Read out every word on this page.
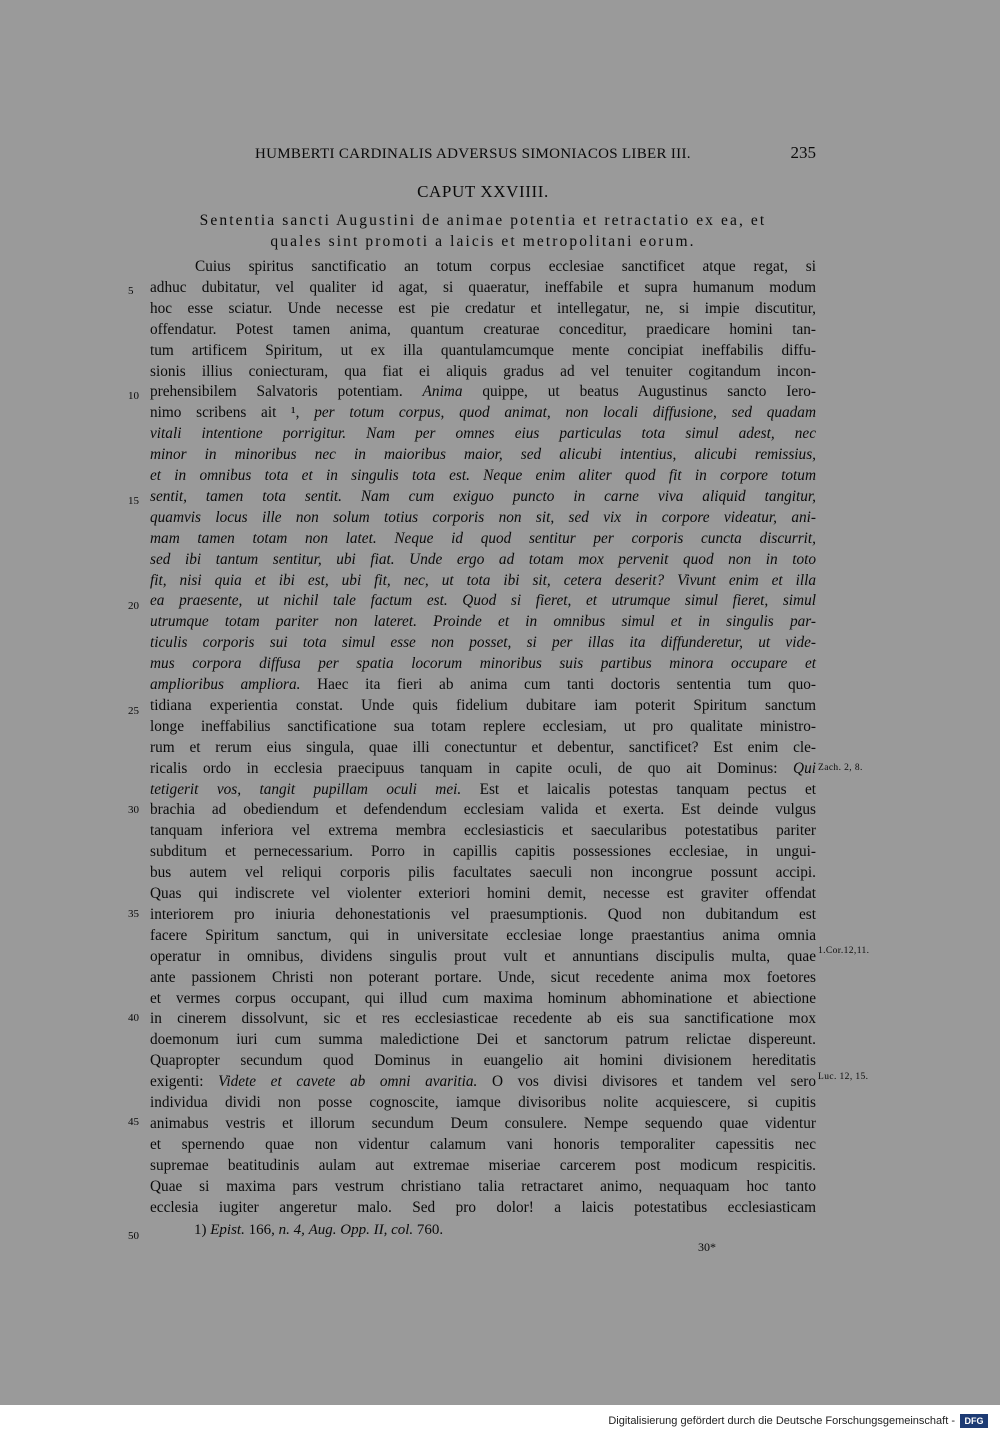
HUMBERTI CARDINALIS ADVERSUS SIMONIACOS LIBER III.	235
CAPUT XXVIIII.
Sententia sancti Augustini de animae potentia et retractatio ex ea, et
quales sint promoti a laicis et metropolitani eorum.
Cuius spiritus sanctificatio an totum corpus ecclesiae sanctificet atque regat, si
adhuc dubitatur, vel qualiter id agat, si quaeratur, ineffabile et supra humanum modum
hoc esse sciatur. Unde necesse est pie credatur et intellegatur, ne, si impie discutitur,
offendatur. Potest tamen anima, quantum creaturae conceditur, praedicare homini tan-
tum artificem Spiritum, ut ex illa quantulamcumque mente concipiat ineffabilis diffu-
sionis illius coniecturam, qua fiat ei aliquis gradus ad vel tenuiter cogitandum incon-
prehensibilem Salvatoris potentiam. Anima quippe, ut beatus Augustinus sancto Iero-
nimo scribens ait ¹, per totum corpus, quod animat, non locali diffusione, sed quadam
vitali intentione porrigitur. Nam per omnes eius particulas tota simul adest, nec
minor in minoribus nec in maioribus maior, sed alicubi intentius, alicubi remissius,
et in omnibus tota et in singulis tota est. Neque enim aliter quod fit in corpore totum
sentit, tamen tota sentit. Nam cum exiguo puncto in carne viva aliquid tangitur,
quamvis locus ille non solum totius corporis non sit, sed vix in corpore videatur, ani-
mam tamen totam non latet. Neque id quod sentitur per corporis cuncta discurrit,
sed ibi tantum sentitur, ubi fiat. Unde ergo ad totam mox pervenit quod non in toto
fit, nisi quia et ibi est, ubi fit, nec, ut tota ibi sit, cetera deserit? Vivunt enim et illa
ea praesente, ut nichil tale factum est. Quod si fieret, et utrumque simul fieret, simul
utrumque totam pariter non lateret. Proinde et in omnibus simul et in singulis par-
ticulis corporis sui tota simul esse non posset, si per illas ita diffunderetur, ut vide-
mus corpora diffusa per spatia locorum minoribus suis partibus minora occupare et
amplioribus ampliora. Haec ita fieri ab anima cum tanti doctoris sententia tum quo-
tidiana experientia constat. Unde quis fidelium dubitare iam poterit Spiritum sanctum
longe ineffabilius sanctificatione sua totam replere ecclesiam, ut pro qualitate ministro-
rum et rerum eius singula, quae illi conectuntur et debentur, sanctificet? Est enim cle-
ricalis ordo in ecclesia praecipuus tanquam in capite oculi, de quo ait Dominus: Qui
tetigerit vos, tangit pupillam oculi mei. Est et laicalis potestas tanquam pectus et
brachia ad obediendum et defendendum ecclesiam valida et exerta. Est deinde vulgus
tanquam inferiora vel extrema membra ecclesiasticis et saecularibus potestatibus pariter
subditum et pernecessarium. Porro in capillis capitis possessiones ecclesiae, in ungui-
bus autem vel reliqui corporis pilis facultates saeculi non incongrue possunt accipi.
Quas qui indiscrete vel violenter exteriori homini demit, necesse est graviter offendat
interiorem pro iniuria dehonestationis vel praesumptionis. Quod non dubitandum est
facere Spiritum sanctum, qui in universitate ecclesiae longe praestantius anima omnia
operatur in omnibus, dividens singulis prout vult et annuntians discipulis multa, quae
ante passionem Christi non poterant portare. Unde, sicut recedente anima mox foetores
et vermes corpus occupant, qui illud cum maxima hominum abhominatione et abiectione
in cinerem dissolvunt, sic et res ecclesiasticae recedente ab eis sua sanctificatione mox
doemonum iuri cum summa maledictione Dei et sanctorum patrum relictae dispereunt.
Quapropter secundum quod Dominus in euangelio ait homini divisionem hereditatis
exigenti: Videte et cavete ab omni avaritia. O vos divisi divisores et tandem vel sero
individua dividi non posse cognoscite, iamque divisoribus nolite acquiescere, si cupitis
animabus vestris et illorum secundum Deum consulere. Nempe sequendo quae videntur
et spernendo quae non videntur calamum vani honoris temporaliter capessitis nec
supremae beatitudinis aulam aut extremae miseriae carcerem post modicum respicitis.
Quae si maxima pars vestrum christiano talia retractaret animo, nequaquam hoc tanto
ecclesia iugiter angeretur malo. Sed pro dolor! a laicis potestatibus ecclesiasticam
5
10
15
20
25
30
35
40
45
50
Zach. 2, 8.
1.Cor.12,11.
Luc. 12, 15.
1) Epist. 166, n. 4, Aug. Opp. II, col. 760.
30*
Digitalisierung gefördert durch die Deutsche Forschungsgemeinschaft -	DFG
